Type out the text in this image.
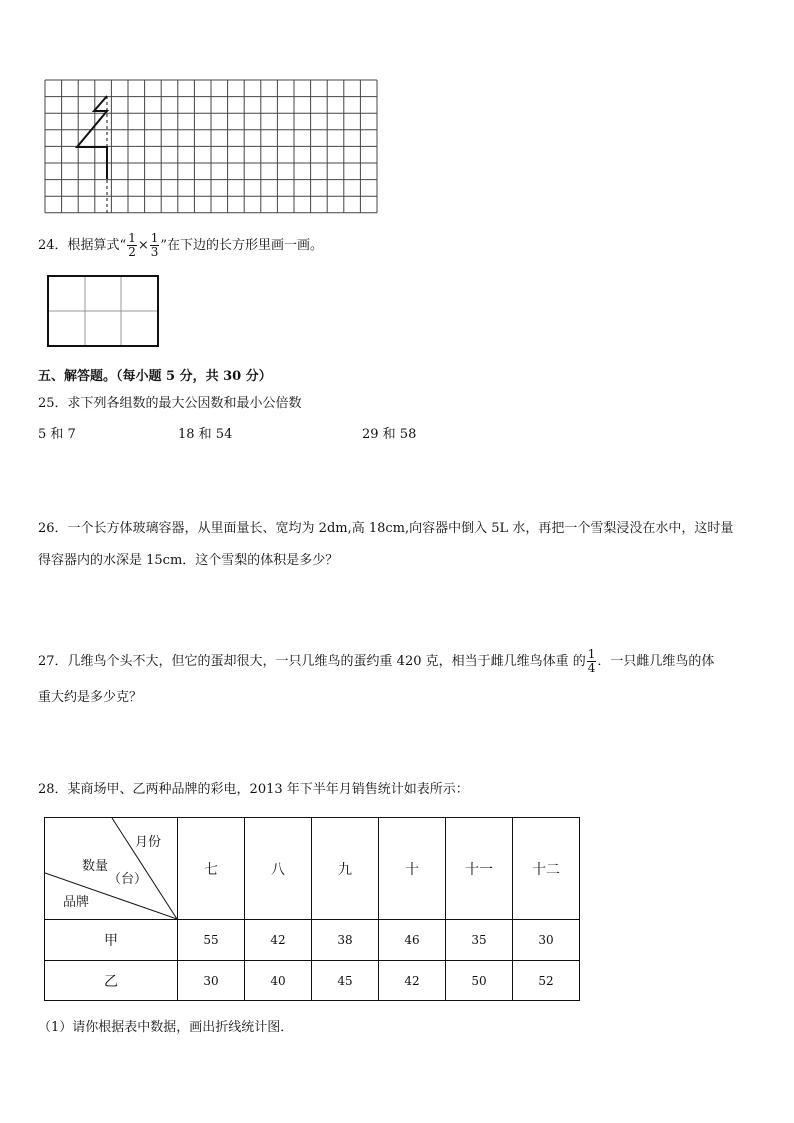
24．根据算式“ $\frac{1}{2} \times \frac{1}{3}$ ”在下边的长方形里画一画。
五、解答题。（每小题 5 分，共 30 分）
25．求下列各组数的最大公因数和最小公倍数
5 和 7	18 和 54	29 和 58
26．一个长方体玻璃容器，从里面量长、宽均为 2dm,高 18cm,向容器中倒入 5L 水，再把一个雪梨浸没在水中，这时量
得容器内的水深是 15cm．这个雪梨的体积是多少？
27．几维鸟个头不大，但它的蛋却很大，一只几维鸟的蛋约重 420 克，相当于雌几维鸟体重 的 $\frac{1}{4}$ ．一只雌几维鸟的体
重大约是多少克？
28．某商场甲、乙两种品牌的彩电，2013 年下半年月销售统计如表所示：
月份
数量
（台）
品牌	七	八	九	十	十一	十二
甲	55	42	38	46	35	30
乙	30	40	45	42	50	52
（1）请你根据表中数据，画出折线统计图．
